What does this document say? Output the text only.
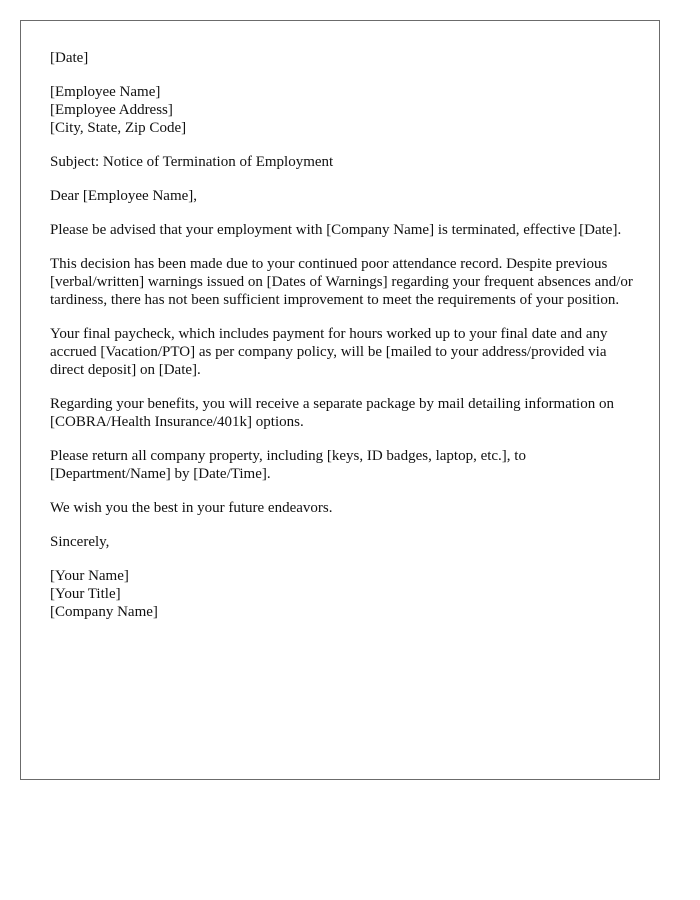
[Date]

[Employee Name]
[Employee Address]
[City, State, Zip Code]

Subject: Notice of Termination of Employment

Dear [Employee Name],

Please be advised that your employment with [Company Name] is terminated, effective [Date].

This decision has been made due to your continued poor attendance record. Despite previous [verbal/written] warnings issued on [Dates of Warnings] regarding your frequent absences and/or tardiness, there has not been sufficient improvement to meet the requirements of your position.

Your final paycheck, which includes payment for hours worked up to your final date and any accrued [Vacation/PTO] as per company policy, will be [mailed to your address/provided via direct deposit] on [Date].

Regarding your benefits, you will receive a separate package by mail detailing information on [COBRA/Health Insurance/401k] options.

Please return all company property, including [keys, ID badges, laptop, etc.], to [Department/Name] by [Date/Time].

We wish you the best in your future endeavors.

Sincerely,

[Your Name]
[Your Title]
[Company Name]
